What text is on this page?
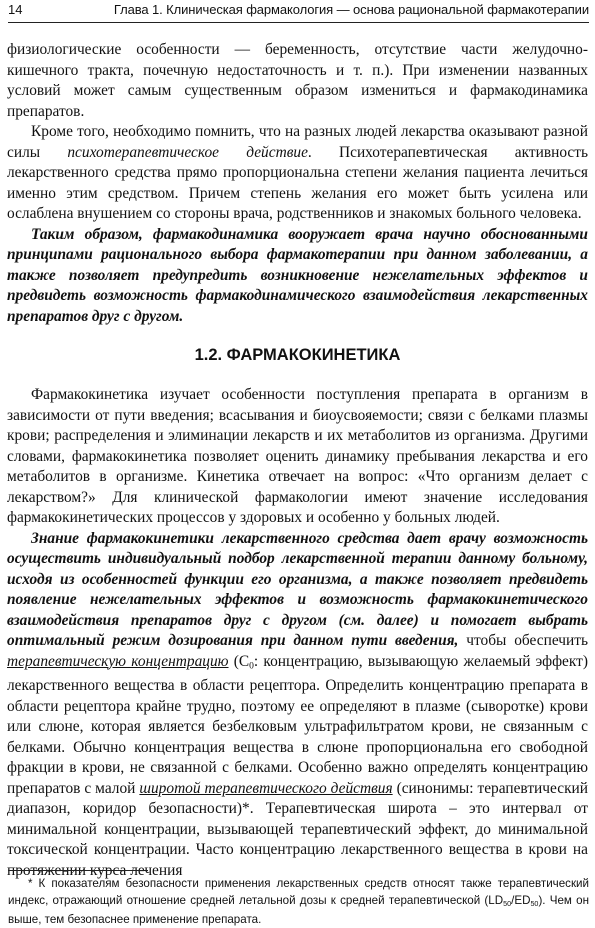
14	Глава 1. Клиническая фармакология — основа рациональной фармакотерапии

физиологические особенности — беременность, отсутствие части желудочно-кишечного тракта, почечную недостаточность и т. п.). При изменении названных условий может самым существенным образом измениться и фармакодинамика препаратов.

Кроме того, необходимо помнить, что на разных людей лекарства оказывают разной силы психотерапевтическое действие. Психотерапевтическая активность лекарственного средства прямо пропорциональна степени желания пациента лечиться именно этим средством. Причем степень желания его может быть усилена или ослаблена внушением со стороны врача, родственников и знакомых больного человека.

Таким образом, фармакодинамика вооружает врача научно обоснованными принципами рационального выбора фармакотерапии при данном заболевании, а также позволяет предупредить возникновение нежелательных эффектов и предвидеть возможность фармакодинамического взаимодействия лекарственных препаратов друг с другом.

1.2. ФАРМАКОКИНЕТИКА

Фармакокинетика изучает особенности поступления препарата в организм в зависимости от пути введения; всасывания и биоусвояемости; связи с белками плазмы крови; распределения и элиминации лекарств и их метаболитов из организма. Другими словами, фармакокинетика позволяет оценить динамику пребывания лекарства и его метаболитов в организме. Кинетика отвечает на вопрос: «Что организм делает с лекарством?» Для клинической фармакологии имеют значение исследования фармакокинетических процессов у здоровых и особенно у больных людей.

Знание фармакокинетики лекарственного средства дает врачу возможность осуществить индивидуальный подбор лекарственной терапии данному больному, исходя из особенностей функции его организма, а также позволяет предвидеть появление нежелательных эффектов и возможность фармакокинетического взаимодействия препаратов друг с другом (см. далее) и помогает выбрать оптимальный режим дозирования при данном пути введения, чтобы обеспечить терапевтическую концентрацию ($С_0$: концентрацию, вызывающую желаемый эффект) лекарственного вещества в области рецептора. Определить концентрацию препарата в области рецептора крайне трудно, поэтому ее определяют в плазме (сыворотке) крови или слюне, которая является безбелковым ультрафильтратом крови, не связанным с белками. Обычно концентрация вещества в слюне пропорциональна его свободной фракции в крови, не связанной с белками. Особенно важно определять концентрацию препаратов с малой широтой терапевтического действия (синонимы: терапевтический диапазон, коридор безопасности)*. Терапевтическая широта – это интервал от минимальной концентрации, вызывающей терапевтический эффект, до минимальной токсической концентрации. Часто концентрацию лекарственного вещества в крови на протяжении курса лечения

* К показателям безопасности применения лекарственных средств относят также терапевтический индекс, отражающий отношение средней летальной дозы к средней терапевтической $(LD_{50}/ED_{50})$. Чем он выше, тем безопаснее применение препарата.
